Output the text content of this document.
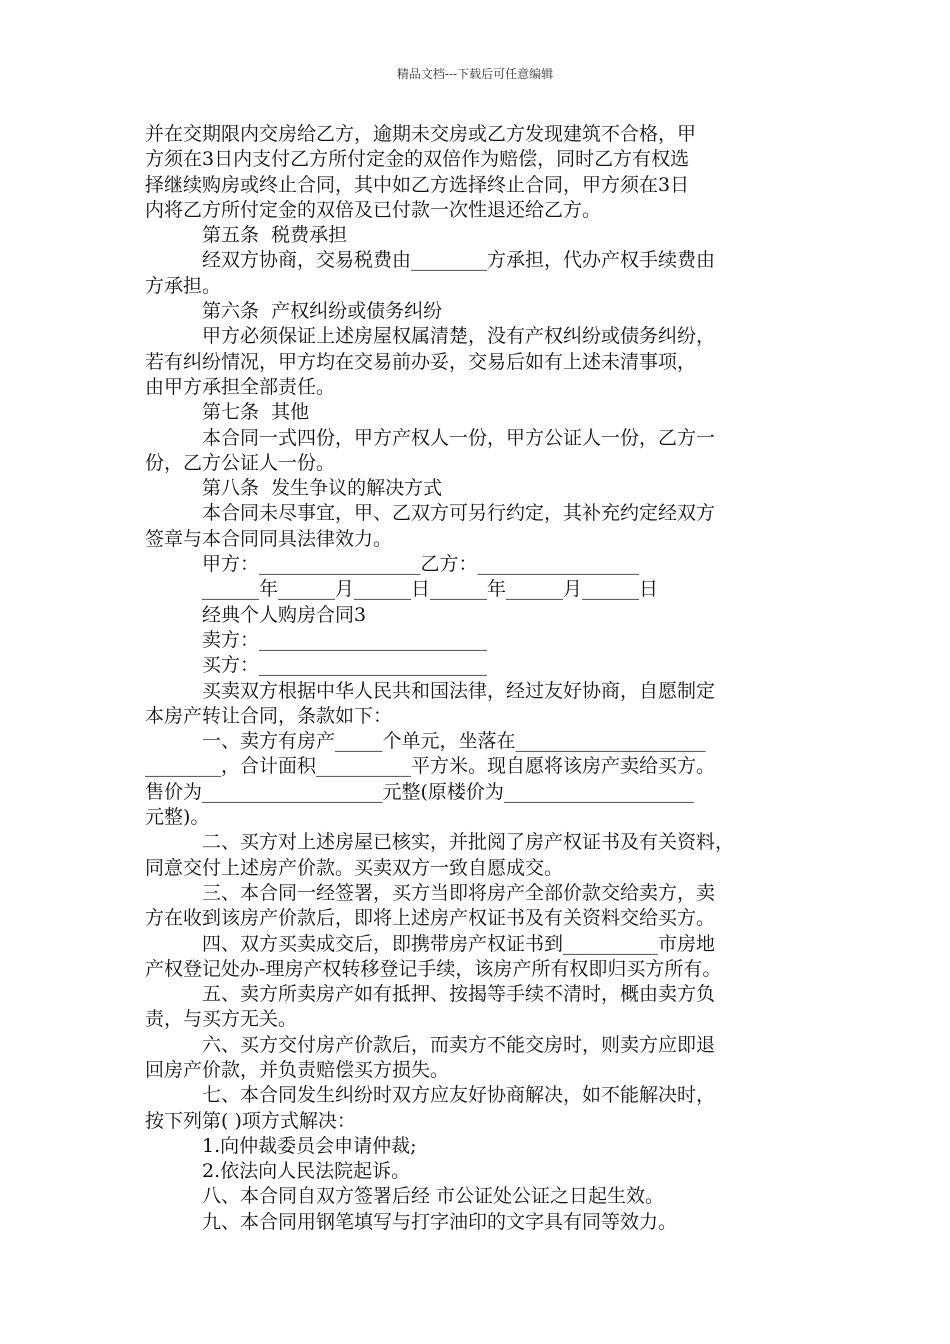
精品文档---下载后可任意编辑
并在交期限内交房给乙方，逾期未交房或乙方发现建筑不合格，甲
方须在3日内支付乙方所付定金的双倍作为赔偿，同时乙方有权选
择继续购房或终止合同，其中如乙方选择终止合同，甲方须在3日
内将乙方所付定金的双倍及已付款一次性退还给乙方。
第五条  税费承担
经双方协商，交易税费由________方承担，代办产权手续费由
方承担。
第六条  产权纠纷或债务纠纷
甲方必须保证上述房屋权属清楚，没有产权纠纷或债务纠纷，
若有纠纷情况，甲方均在交易前办妥，交易后如有上述未清事项，
由甲方承担全部责任。
第七条  其他
本合同一式四份，甲方产权人一份，甲方公证人一份，乙方一
份，乙方公证人一份。
第八条  发生争议的解决方式
本合同未尽事宜，甲、乙双方可另行约定，其补充约定经双方
签章与本合同同具法律效力。
甲方：_________________乙方：_________________
______年______月______日______年______月______日
经典个人购房合同3
卖方：________________________
买方：________________________
买卖双方根据中华人民共和国法律，经过友好协商，自愿制定
本房产转让合同，条款如下：
一、卖方有房产_____个单元，坐落在____________________
________，合计面积__________平方米。现自愿将该房产卖给买方。
售价为___________________元整(原楼价为____________________
元整)。
二、买方对上述房屋已核实，并批阅了房产权证书及有关资料，
同意交付上述房产价款。买卖双方一致自愿成交。
三、本合同一经签署，买方当即将房产全部价款交给卖方，卖
方在收到该房产价款后，即将上述房产权证书及有关资料交给买方。
四、双方买卖成交后，即携带房产权证书到__________市房地
产权登记处办-理房产权转移登记手续，该房产所有权即归买方所有。
五、卖方所卖房产如有抵押、按揭等手续不清时，概由卖方负
责，与买方无关。
六、买方交付房产价款后，而卖方不能交房时，则卖方应即退
回房产价款，并负责赔偿买方损失。
七、本合同发生纠纷时双方应友好协商解决，如不能解决时，
按下列第( )项方式解决：
1.向仲裁委员会申请仲裁;
2.依法向人民法院起诉。
八、本合同自双方签署后经 市公证处公证之日起生效。
九、本合同用钢笔填写与打字油印的文字具有同等效力。
